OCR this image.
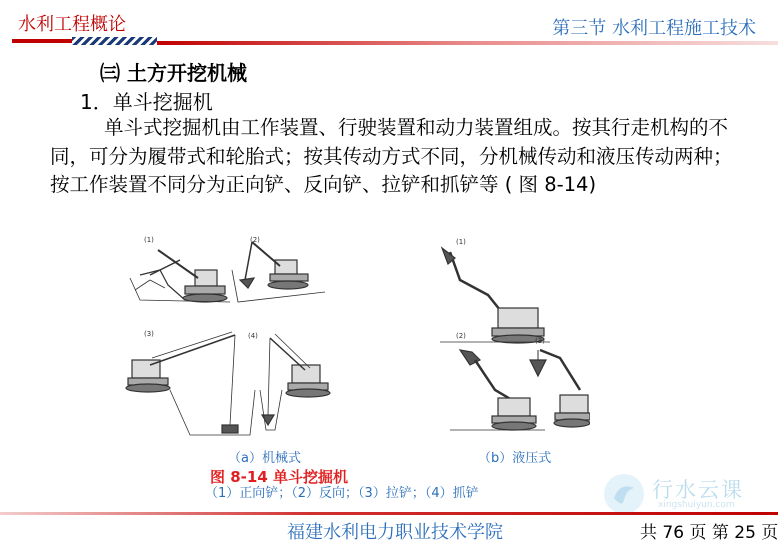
水利工程概论	第三节 水利工程施工技术
㈢ 土方开挖机械
1．单斗挖掘机
单斗式挖掘机由工作装置、行驶装置和动力装置组成。按其行走机构的不同，可分为履带式和轮胎式；按其传动方式不同，分机械传动和液压传动两种；按工作装置不同分为正向铲、反向铲、拉铲和抓铲等 ( 图 8-14)
(1)	(2)
(3)	(4)
(1)
(2)
(3)
（a）机械式	（b）液压式
图 8-14 单斗挖掘机
（1）正向铲；（2）反向；（3）拉铲；（4）抓铲	行水云课
xingshuiyun.com
福建水利电力职业技术学院	共 76 页 第 25 页
